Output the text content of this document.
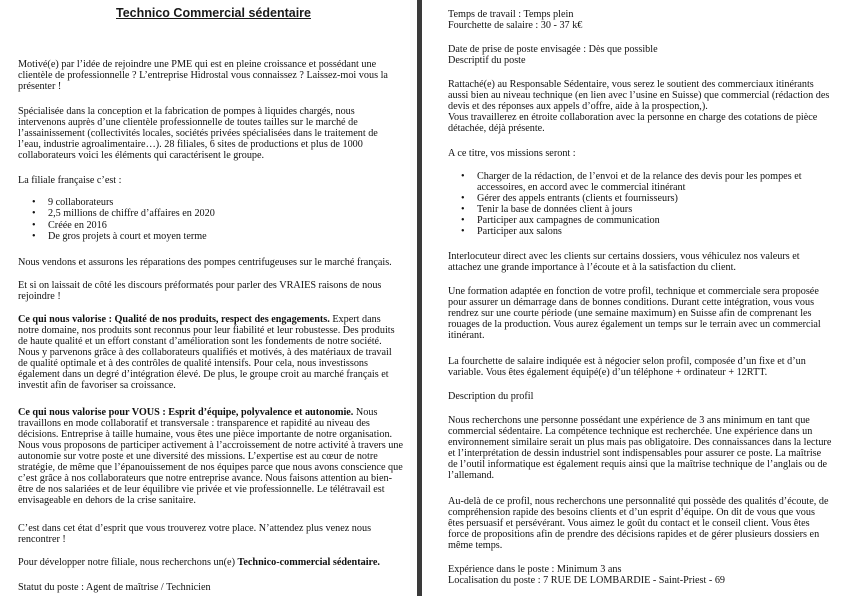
Technico Commercial sédentaire

Motivé(e) par l’idée de rejoindre une PME qui est en pleine croissance et possédant une

clientèle de professionnelle ? L’entreprise Hidrostal vous connaissez ? Laissez-moi vous la

présenter !

Spécialisée dans la conception et la fabrication de pompes à liquides chargés, nous

intervenons auprès d’une clientèle professionnelle de toutes tailles sur le marché de

l’assainissement (collectivités locales, sociétés privées spécialisées dans le traitement de

l’eau, industrie agroalimentaire…). 28 filiales, 6 sites de productions et plus de 1000

collaborateurs voici les éléments qui caractérisent le groupe.

La filiale française c’est :

• 9 collaborateurs
• 2,5 millions de chiffre d’affaires en 2020
• Créée en 2016
• De gros projets à court et moyen terme

Nous vendons et assurons les réparations des pompes centrifugeuses sur le marché français.

Et si on laissait de côté les discours préformatés pour parler des VRAIES raisons de nous

rejoindre !

Ce qui nous valorise : Qualité de nos produits, respect des engagements. Expert dans

notre domaine, nos produits sont reconnus pour leur fiabilité et leur robustesse. Des produits

de haute qualité et un effort constant d’amélioration sont les fondements de notre société.

Nous y parvenons grâce à des collaborateurs qualifiés et motivés, à des matériaux de travail

de qualité optimale et à des contrôles de qualité intensifs. Pour cela, nous investissons

également dans un degré d’intégration élevé. De plus, le groupe croit au marché français et

investit afin de favoriser sa croissance.

Ce qui nous valorise pour VOUS : Esprit d’équipe, polyvalence et autonomie. Nous

travaillons en mode collaboratif et transversale : transparence et rapidité au niveau des

décisions. Entreprise à taille humaine, vous êtes une pièce importante de notre organisation.

Nous vous proposons de participer activement à l’accroissement de notre activité à travers une

autonomie sur votre poste et une diversité des missions. L’expertise est au cœur de notre

stratégie, de même que l’épanouissement de nos équipes parce que nous avons conscience que

c’est grâce à nos collaborateurs que notre entreprise avance. Nous faisons attention au bien-

être de nos salariées et de leur équilibre vie privée et vie professionnelle. Le télétravail est

envisageable en dehors de la crise sanitaire.

C’est dans cet état d’esprit que vous trouverez votre place. N’attendez plus venez nous

rencontrer !

Pour développer notre filiale, nous recherchons un(e) Technico-commercial sédentaire.

Statut du poste : Agent de maîtrise / Technicien

Temps de travail : Temps plein

Fourchette de salaire : 30 - 37 k€

Date de prise de poste envisagée : Dès que possible

Descriptif du poste

Rattaché(e) au Responsable Sédentaire, vous serez le soutient des commerciaux itinérants

aussi bien au niveau technique (en lien avec l’usine en Suisse) que commercial (rédaction des

devis et des réponses aux appels d’offre, aide à la prospection,).

Vous travaillerez en étroite collaboration avec la personne en charge des cotations de pièce

détachée, déjà présente.

A ce titre, vos missions seront :

Charger de la rédaction, de l’envoi et de la relance des devis pour les pompes et

•

accessoires, en accord avec le commercial itinérant

• Gérer des appels entrants (clients et fournisseurs)

• Tenir la base de données client à jours

• Participer aux campagnes de communication

• Participer aux salons

Interlocuteur direct avec les clients sur certains dossiers, vous véhiculez nos valeurs et

attachez une grande importance à l’écoute et à la satisfaction du client.

Une formation adaptée en fonction de votre profil, technique et commerciale sera proposée

pour assurer un démarrage dans de bonnes conditions. Durant cette intégration, vous vous

rendrez sur une courte période (une semaine maximum) en Suisse afin de comprenant les

rouages de la production. Vous aurez également un temps sur le terrain avec un commercial

itinérant.

La fourchette de salaire indiquée est à négocier selon profil, composée d’un fixe et d’un

variable. Vous êtes également équipé(e) d’un téléphone + ordinateur + 12RTT.

Description du profil

Nous recherchons une personne possédant une expérience de 3 ans minimum en tant que

commercial sédentaire. La compétence technique est recherchée. Une expérience dans un

environnement similaire serait un plus mais pas obligatoire. Des connaissances dans la lecture

et l’interprétation de dessin industriel sont indispensables pour assurer ce poste. La maîtrise

de l’outil informatique est également requis ainsi que la maîtrise technique de l’anglais ou de

l’allemand.

Au-delà de ce profil, nous recherchons une personnalité qui possède des qualités d’écoute, de

compréhension rapide des besoins clients et d’un esprit d’équipe. On dit de vous que vous

êtes persuasif et persévérant. Vous aimez le goût du contact et le conseil client. Vous êtes

force de propositions afin de prendre des décisions rapides et de gérer plusieurs dossiers en

même temps.

Expérience dans le poste : Minimum 3 ans

Localisation du poste : 7 RUE DE LOMBARDIE - Saint-Priest - 69
